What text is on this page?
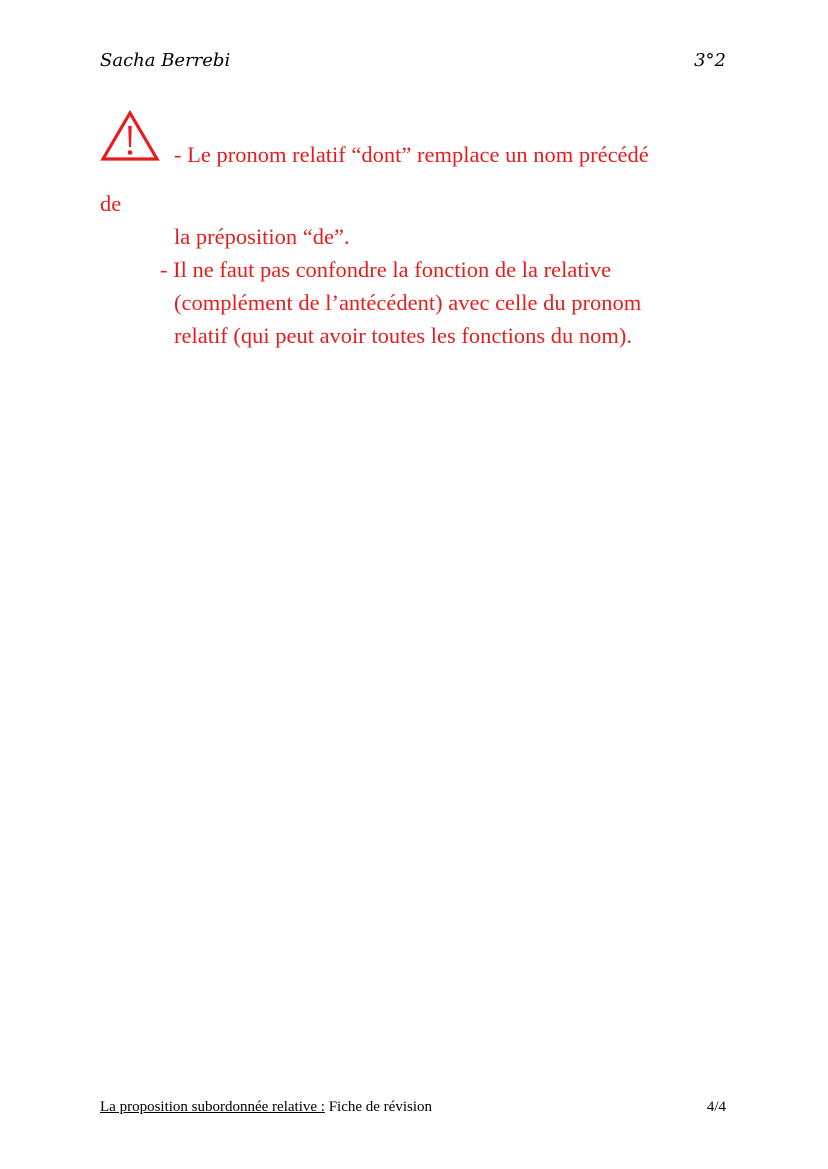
Sacha Berrebi	3°2
- Le pronom relatif “dont” remplace un nom précédé
de
la préposition “de”.
- Il ne faut pas confondre la fonction de la relative
(complément de l’antécédent) avec celle du pronom
relatif (qui peut avoir toutes les fonctions du nom).
La proposition subordonnée relative : Fiche de révision	4/4
